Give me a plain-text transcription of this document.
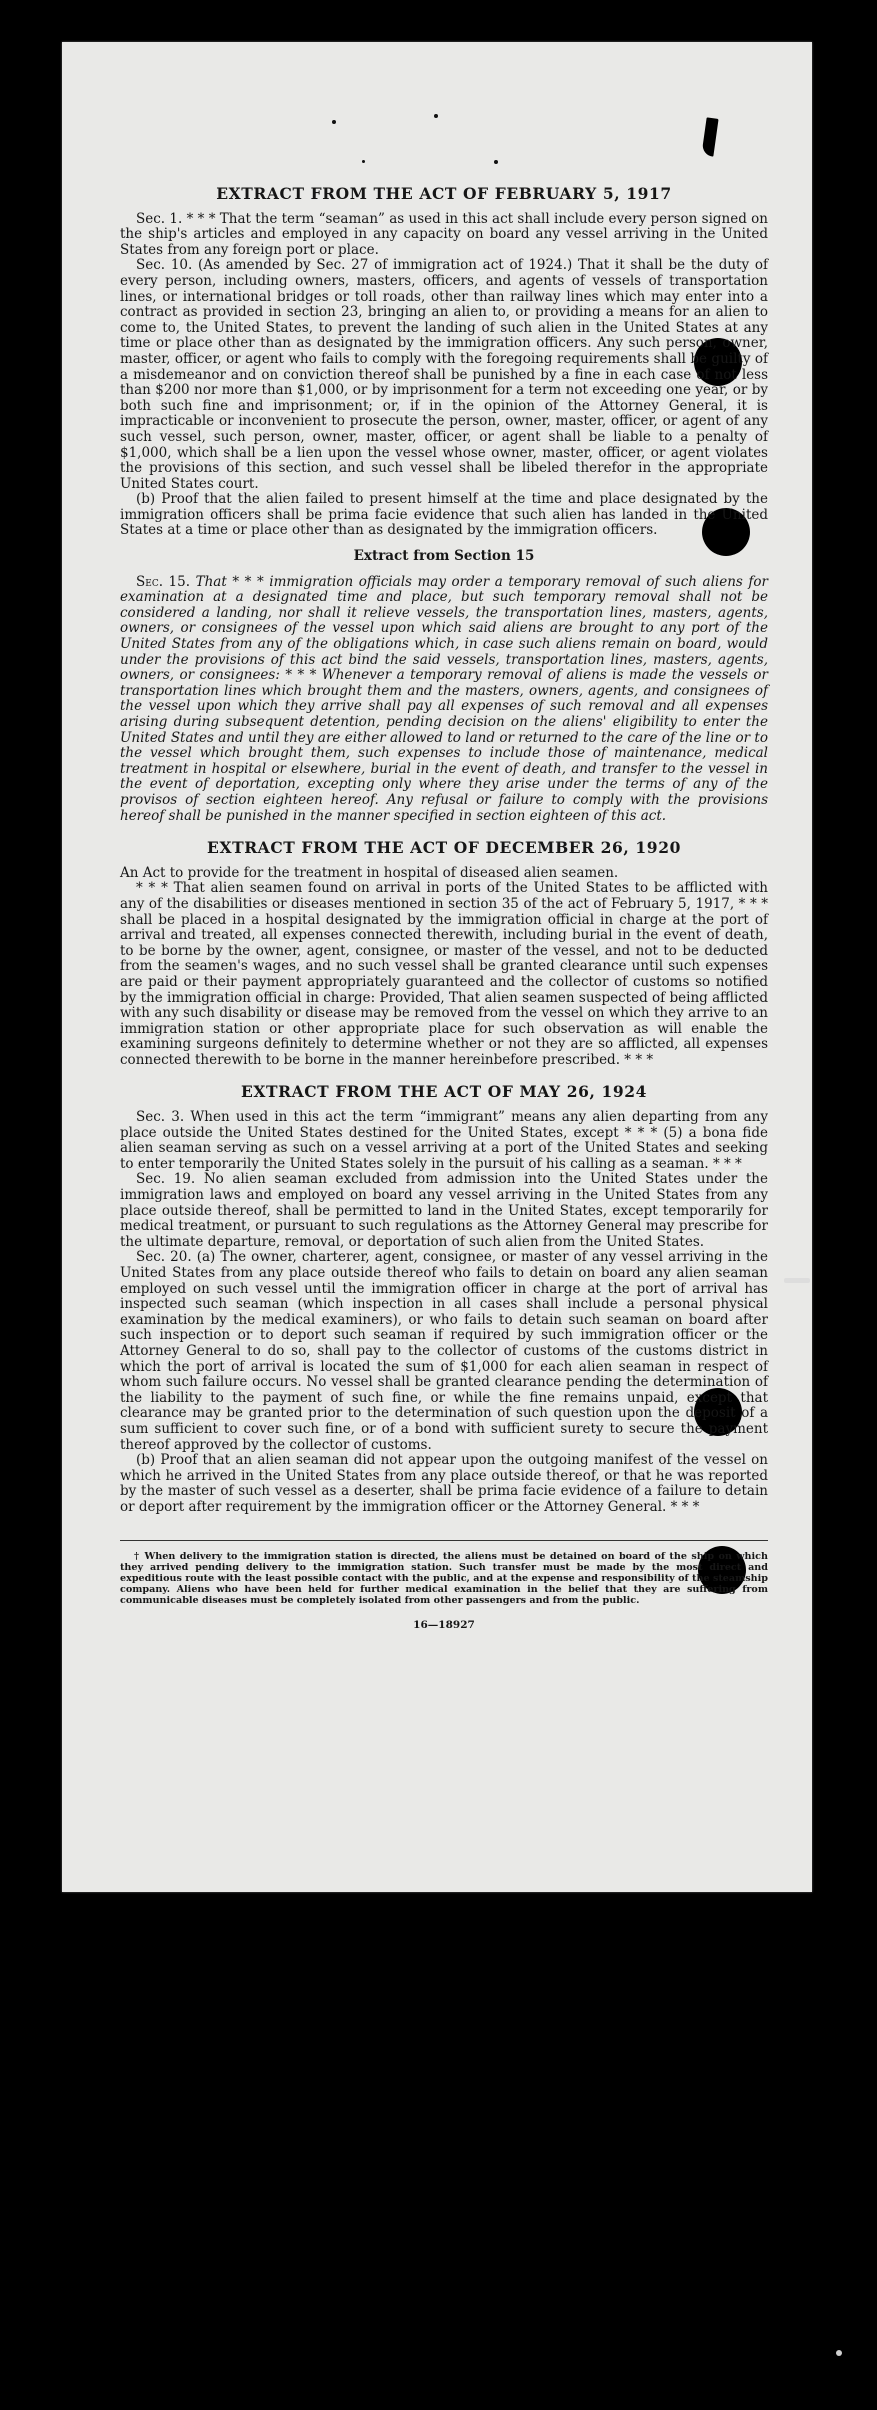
EXTRACT FROM THE ACT OF FEBRUARY 5, 1917

Sec. 1. * * * That the term “seaman” as used in this act shall include every person signed on the ship's articles and employed in any capacity on board any vessel arriving in the United States from any foreign port or place.

Sec. 10. (As amended by Sec. 27 of immigration act of 1924.) That it shall be the duty of every person, including owners, masters, officers, and agents of vessels of transportation lines, or international bridges or toll roads, other than railway lines which may enter into a contract as provided in section 23, bringing an alien to, or providing a means for an alien to come to, the United States, to prevent the landing of such alien in the United States at any time or place other than as designated by the immigration officers. Any such person, owner, master, officer, or agent who fails to comply with the foregoing requirements shall be guilty of a misdemeanor and on conviction thereof shall be punished by a fine in each case of not less than $200 nor more than $1,000, or by imprisonment for a term not exceeding one year, or by both such fine and imprisonment; or, if in the opinion of the Attorney General, it is impracticable or inconvenient to prosecute the person, owner, master, officer, or agent of any such vessel, such person, owner, master, officer, or agent shall be liable to a penalty of $1,000, which shall be a lien upon the vessel whose owner, master, officer, or agent violates the provisions of this section, and such vessel shall be libeled therefor in the appropriate United States court.

(b) Proof that the alien failed to present himself at the time and place designated by the immigration officers shall be prima facie evidence that such alien has landed in the United States at a time or place other than as designated by the immigration officers.

Extract from Section 15

Sec. 15. That * * * immigration officials may order a temporary removal of such aliens for examination at a designated time and place, but such temporary removal shall not be considered a landing, nor shall it relieve vessels, the transportation lines, masters, agents, owners, or consignees of the vessel upon which said aliens are brought to any port of the United States from any of the obligations which, in case such aliens remain on board, would under the provisions of this act bind the said vessels, transportation lines, masters, agents, owners, or consignees: * * * Whenever a temporary removal of aliens is made the vessels or transportation lines which brought them and the masters, owners, agents, and consignees of the vessel upon which they arrive shall pay all expenses of such removal and all expenses arising during subsequent detention, pending decision on the aliens' eligibility to enter the United States and until they are either allowed to land or returned to the care of the line or to the vessel which brought them, such expenses to include those of maintenance, medical treatment in hospital or elsewhere, burial in the event of death, and transfer to the vessel in the event of deportation, excepting only where they arise under the terms of any of the provisos of section eighteen hereof. Any refusal or failure to comply with the provisions hereof shall be punished in the manner specified in section eighteen of this act.

EXTRACT FROM THE ACT OF DECEMBER 26, 1920

An Act to provide for the treatment in hospital of diseased alien seamen.

* * * That alien seamen found on arrival in ports of the United States to be afflicted with any of the disabilities or diseases mentioned in section 35 of the act of February 5, 1917, * * * shall be placed in a hospital designated by the immigration official in charge at the port of arrival and treated, all expenses connected therewith, including burial in the event of death, to be borne by the owner, agent, consignee, or master of the vessel, and not to be deducted from the seamen's wages, and no such vessel shall be granted clearance until such expenses are paid or their payment appropriately guaranteed and the collector of customs so notified by the immigration official in charge: Provided, That alien seamen suspected of being afflicted with any such disability or disease may be removed from the vessel on which they arrive to an immigration station or other appropriate place for such observation as will enable the examining surgeons definitely to determine whether or not they are so afflicted, all expenses connected therewith to be borne in the manner hereinbefore prescribed. * * *

EXTRACT FROM THE ACT OF MAY 26, 1924

Sec. 3. When used in this act the term “immigrant” means any alien departing from any place outside the United States destined for the United States, except * * * (5) a bona fide alien seaman serving as such on a vessel arriving at a port of the United States and seeking to enter temporarily the United States solely in the pursuit of his calling as a seaman. * * *

Sec. 19. No alien seaman excluded from admission into the United States under the immigration laws and employed on board any vessel arriving in the United States from any place outside thereof, shall be permitted to land in the United States, except temporarily for medical treatment, or pursuant to such regulations as the Attorney General may prescribe for the ultimate departure, removal, or deportation of such alien from the United States.

Sec. 20. (a) The owner, charterer, agent, consignee, or master of any vessel arriving in the United States from any place outside thereof who fails to detain on board any alien seaman employed on such vessel until the immigration officer in charge at the port of arrival has inspected such seaman (which inspection in all cases shall include a personal physical examination by the medical examiners), or who fails to detain such seaman on board after such inspection or to deport such seaman if required by such immigration officer or the Attorney General to do so, shall pay to the collector of customs of the customs district in which the port of arrival is located the sum of $1,000 for each alien seaman in respect of whom such failure occurs. No vessel shall be granted clearance pending the determination of the liability to the payment of such fine, or while the fine remains unpaid, except that clearance may be granted prior to the determination of such question upon the deposit of a sum sufficient to cover such fine, or of a bond with sufficient surety to secure the payment thereof approved by the collector of customs.

(b) Proof that an alien seaman did not appear upon the outgoing manifest of the vessel on which he arrived in the United States from any place outside thereof, or that he was reported by the master of such vessel as a deserter, shall be prima facie evidence of a failure to detain or deport after requirement by the immigration officer or the Attorney General. * * *

† When delivery to the immigration station is directed, the aliens must be detained on board of the ship on which they arrived pending delivery to the immigration station. Such transfer must be made by the most direct and expeditious route with the least possible contact with the public, and at the expense and responsibility of the steamship company. Aliens who have been held for further medical examination in the belief that they are suffering from communicable diseases must be completely isolated from other passengers and from the public.
16—18927
